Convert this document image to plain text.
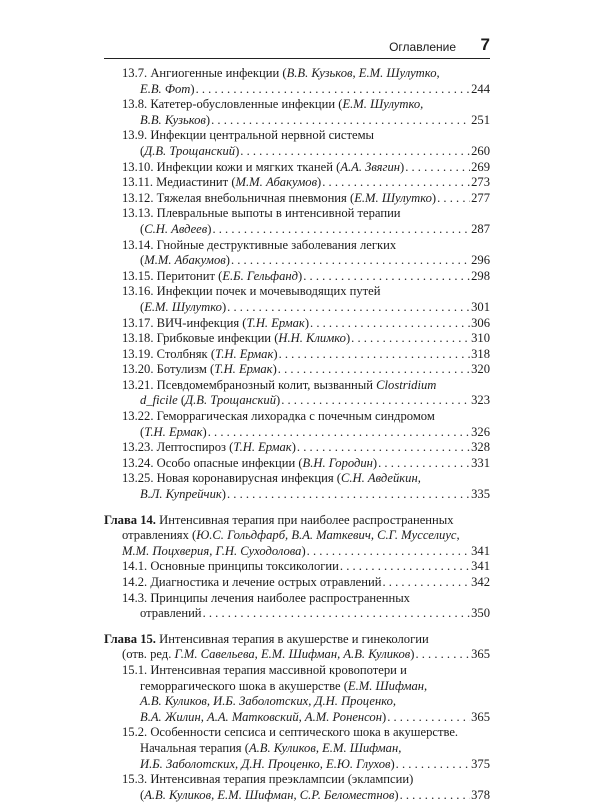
Оглавление 7
13.7. Ангиогенные инфекции (В.В. Кузьков, Е.М. Шулутко,
Е.В. Фот) . . .	244
13.8. Катетер-обусловленные инфекции (Е.М. Шулутко,
В.В. Кузьков) . . .	251
13.9. Инфекции центральной нервной системы
(Д.В. Трощанский) . . .	260
13.10. Инфекции кожи и мягких тканей (А.А. Звягин) . . .	269
13.11. Медиастинит (М.М. Абакумов) . . .	273
13.12. Тяжелая внебольничная пневмония (Е.М. Шулутко) . . .	277
13.13. Плевральные выпоты в интенсивной терапии
(С.Н. Авдеев) . . .	287
13.14. Гнойные деструктивные заболевания легких
(М.М. Абакумов) . . .	296
13.15. Перитонит (Е.Б. Гельфанд) . . .	298
13.16. Инфекции почек и мочевыводящих путей
(Е.М. Шулутко) . . .	301
13.17. ВИЧ-инфекция (Т.Н. Ермак) . . .	306
13.18. Грибковые инфекции (Н.Н. Климко) . . .	310
13.19. Столбняк (Т.Н. Ермак) . . .	318
13.20. Ботулизм (Т.Н. Ермак) . . .	320
13.21. Псевдомембранозный колит, вызванный Clostridium
d_ficile (Д.В. Трощанский) . . .	323
13.22. Геморрагическая лихорадка с почечным синдромом
(Т.Н. Ермак) . . .	326
13.23. Лептоспироз (Т.Н. Ермак) . . .	328
13.24. Особо опасные инфекции (В.Н. Городин) . . .	331
13.25. Новая коронавирусная инфекция (С.Н. Авдейкин,
В.Л. Купрейчик) . . .	335
Глава 14. Интенсивная терапия при наиболее распространенных
отравлениях (Ю.С. Гольдфарб, В.А. Маткевич, С.Г. Мусселиус,
М.М. Поцхверия, Г.Н. Суходолова) . . .	341
14.1. Основные принципы токсикологии . . .	341
14.2. Диагностика и лечение острых отравлений . . .	342
14.3. Принципы лечения наиболее распространенных
отравлений . . .	350
Глава 15. Интенсивная терапия в акушерстве и гинекологии
(отв. ред. Г.М. Савельева, Е.М. Шифман, А.В. Куликов) . . .	365
15.1. Интенсивная терапия массивной кровопотери и
геморрагического шока в акушерстве (Е.М. Шифман,
А.В. Куликов, И.Б. Заболотских, Д.Н. Проценко,
В.А. Жилин, А.А. Матковский, А.М. Роненсон) . . .	365
15.2. Особенности сепсиса и септического шока в акушерстве.
Начальная терапия (А.В. Куликов, Е.М. Шифман,
И.Б. Заболотских, Д.Н. Проценко, Е.Ю. Глухов) . . .	375
15.3. Интенсивная терапия преэклампсии (эклампсии)
(А.В. Куликов, Е.М. Шифман, С.Р. Беломестнов) . . .	378
